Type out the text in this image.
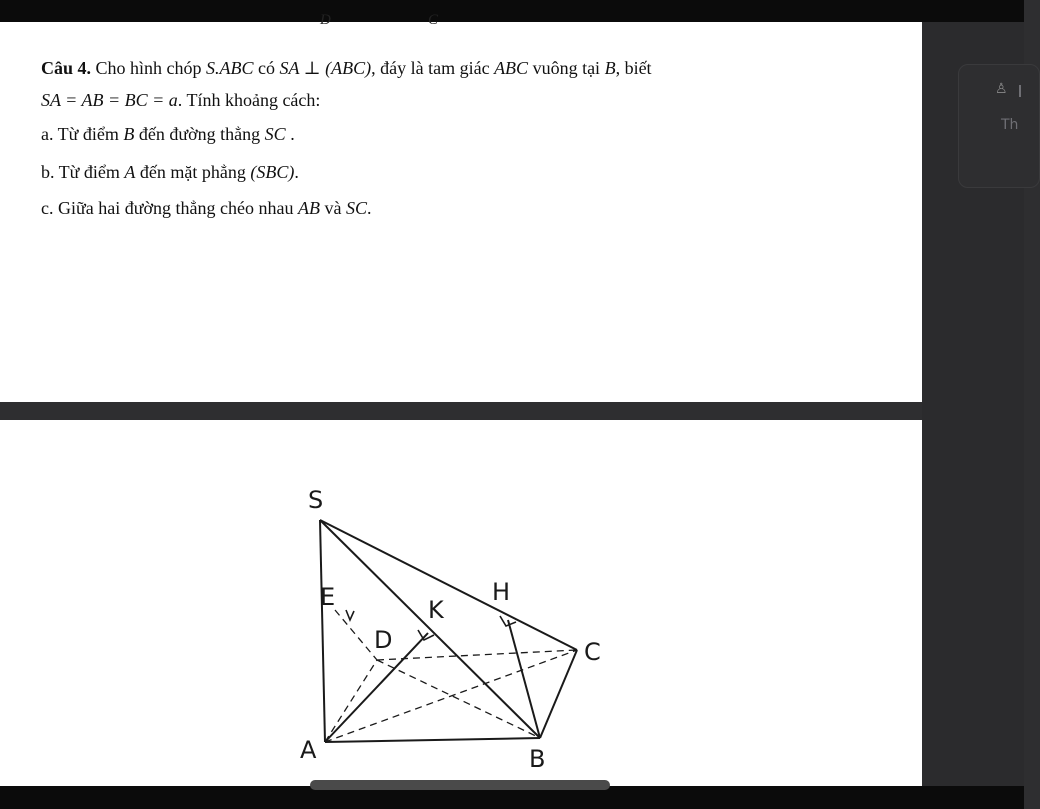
♙
Th
D	C
Câu 4. Cho hình chóp S.ABC có SA ⊥ (ABC), đáy là tam giác ABC vuông tại B, biết
SA = AB = BC = a. Tính khoảng cách:
a. Từ điểm B đến đường thẳng SC .
b. Từ điểm A đến mặt phẳng (SBC).
c. Giữa hai đường thẳng chéo nhau AB và SC.
S
E	K
H
D	C
A	B
